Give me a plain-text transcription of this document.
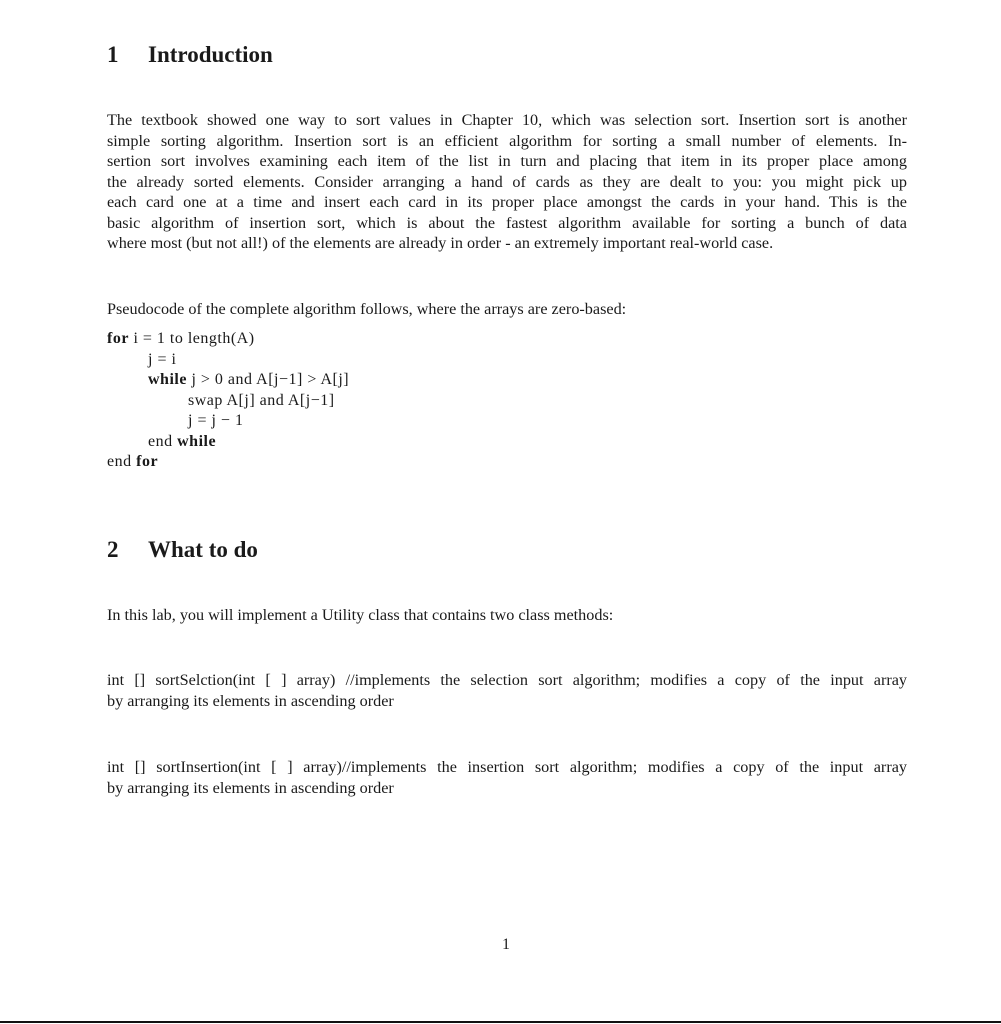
1 Introduction
The textbook showed one way to sort values in Chapter 10, which was selection sort. Insertion sort is another
simple sorting algorithm. Insertion sort is an efficient algorithm for sorting a small number of elements. In-
sertion sort involves examining each item of the list in turn and placing that item in its proper place among
the already sorted elements. Consider arranging a hand of cards as they are dealt to you: you might pick up
each card one at a time and insert each card in its proper place amongst the cards in your hand. This is the
basic algorithm of insertion sort, which is about the fastest algorithm available for sorting a bunch of data
where most (but not all!) of the elements are already in order - an extremely important real-world case.
Pseudocode of the complete algorithm follows, where the arrays are zero-based:
for i = 1 to length(A)
j = i
while j > 0 and A[j−1] > A[j]
swap A[j] and A[j−1]
j = j − 1
end while
end for
2 What to do
In this lab, you will implement a Utility class that contains two class methods:
int [] sortSelction(int [ ] array) //implements the selection sort algorithm; modifies a copy of the input array
by arranging its elements in ascending order
int [] sortInsertion(int [ ] array)//implements the insertion sort algorithm; modifies a copy of the input array
by arranging its elements in ascending order
1
